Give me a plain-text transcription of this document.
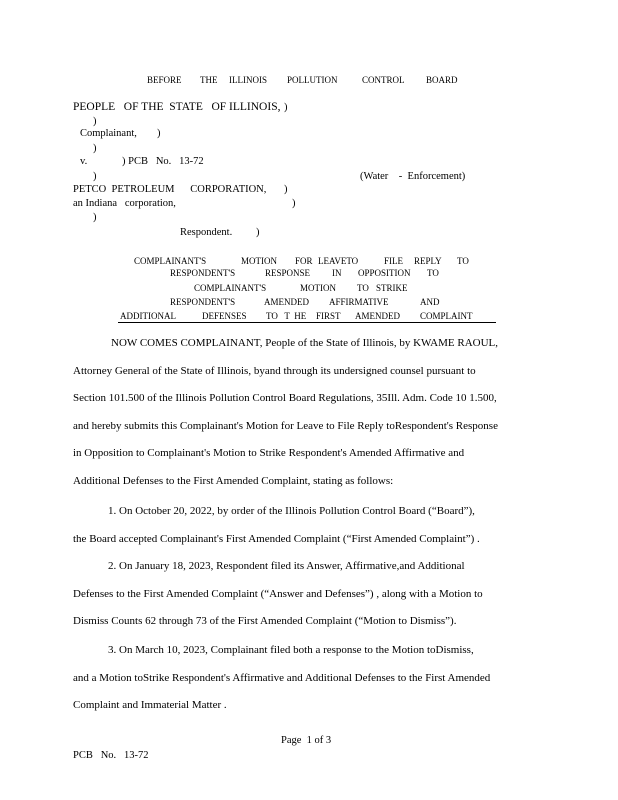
BEFORE THE ILLINOIS POLLUTION	CONTROL BOARD
PEOPLE   OF THE  STATE   OF ILLINOIS, )
)
Complainant, )
)
v.	) PCB   No.   13-72
)	(Water    -  Enforcement)
PETCO  PETROLEUM      CORPORATION, )
an Indiana   corporation,	)
)
Respondent. )
COMPLAINANT'S	MOTION FOR LEAVETO	FILE REPLY TO
RESPONDENT'S	RESPONSE IN OPPOSITION TO
COMPLAINANT'S	MOTION TO STRIKE
RESPONDENT'S	AMENDED AFFIRMATIVE	AND
ADDITIONAL	DEFENSES TO   T  HE FIRST AMENDED COMPLAINT
NOW COMES COMPLAINANT, People of the State of Illinois, by KWAME RAOUL,
Attorney General of the State of Illinois, byand through its undersigned counsel pursuant to
Section 101.500 of the Illinois Pollution Control Board Regulations, 35Ill. Adm. Code 10 1.500,
and hereby submits this Complainant's Motion for Leave to File Reply toRespondent's Response
in Opposition to Complainant's Motion to Strike Respondent's Amended Affirmative and
Additional Defenses to the First Amended Complaint, stating as follows:
1. On October 20, 2022, by order of the Illinois Pollution Control Board (“Board”),
the Board accepted Complainant's First Amended Complaint (“First Amended Complaint”) .
2. On January 18, 2023, Respondent filed its Answer, Affirmative,and Additional
Defenses to the First Amended Complaint (“Answer and Defenses”) , along with a Motion to
Dismiss Counts 62 through 73 of the First Amended Complaint (“Motion to Dismiss”).
3. On March 10, 2023, Complainant filed both a response to the Motion toDismiss,
and a Motion toStrike Respondent's Affirmative and Additional Defenses to the First Amended
Complaint and Immaterial Matter .
Page  1 of 3
PCB   No.   13-72
